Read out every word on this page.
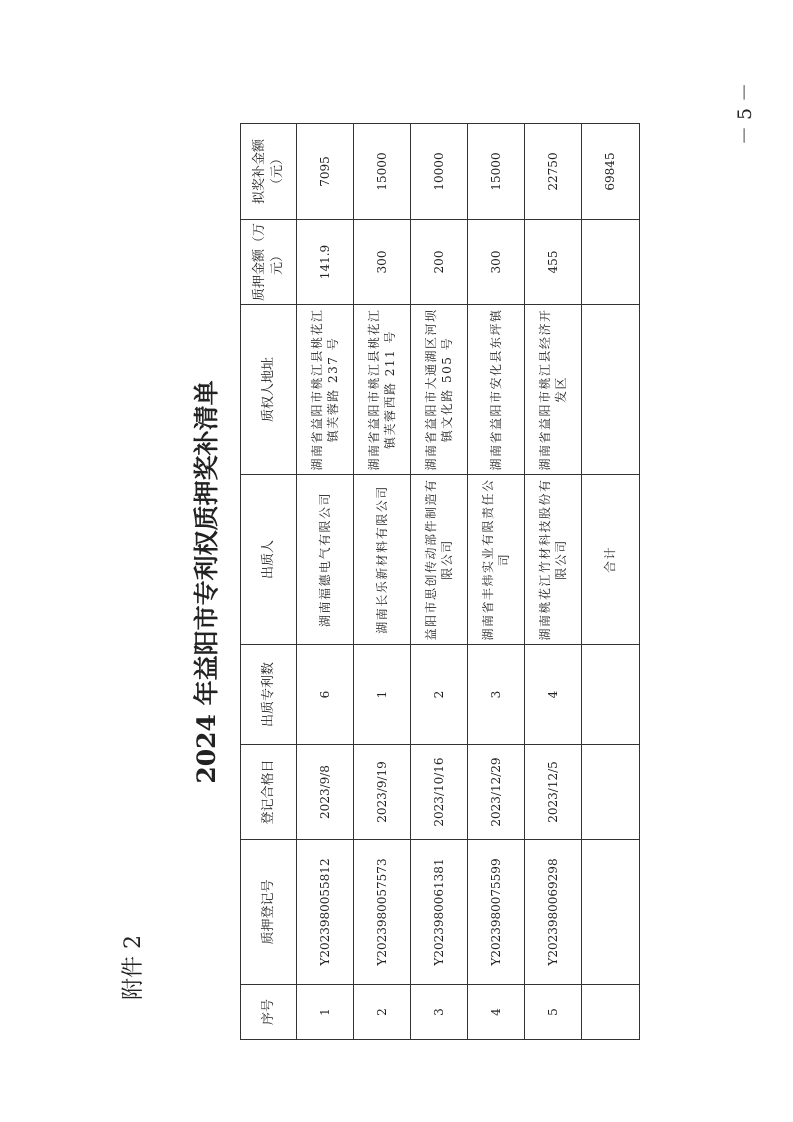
附件 2
－ 5 －
2024 年益阳市专利权质押奖补清单
序号	质押登记号	登记合格日	出质专利数	出质人	质权人地址	质押金额（万元）	拟奖补金额（元）
1	Y2023980055812	2023/9/8	6	湖南福德电气有限公司	湖南省益阳市桃江县桃花江镇芙蓉路 237 号	141.9	7095
2	Y2023980057573	2023/9/19	1	湖南长乐新材料有限公司	湖南省益阳市桃江县桃花江镇芙蓉西路 211 号	300	15000
3	Y2023980061381	2023/10/16	2	益阳市思创传动部件制造有限公司	湖南省益阳市大通湖区河坝镇文化路 505 号	200	10000
4	Y2023980075599	2023/12/29	3	湖南省丰炜实业有限责任公司	湖南省益阳市安化县东坪镇	300	15000
5	Y2023980069298	2023/12/5	4	湖南桃花江竹材科技股份有限公司	湖南省益阳市桃江县经济开发区	455	22750
				合计			69845
